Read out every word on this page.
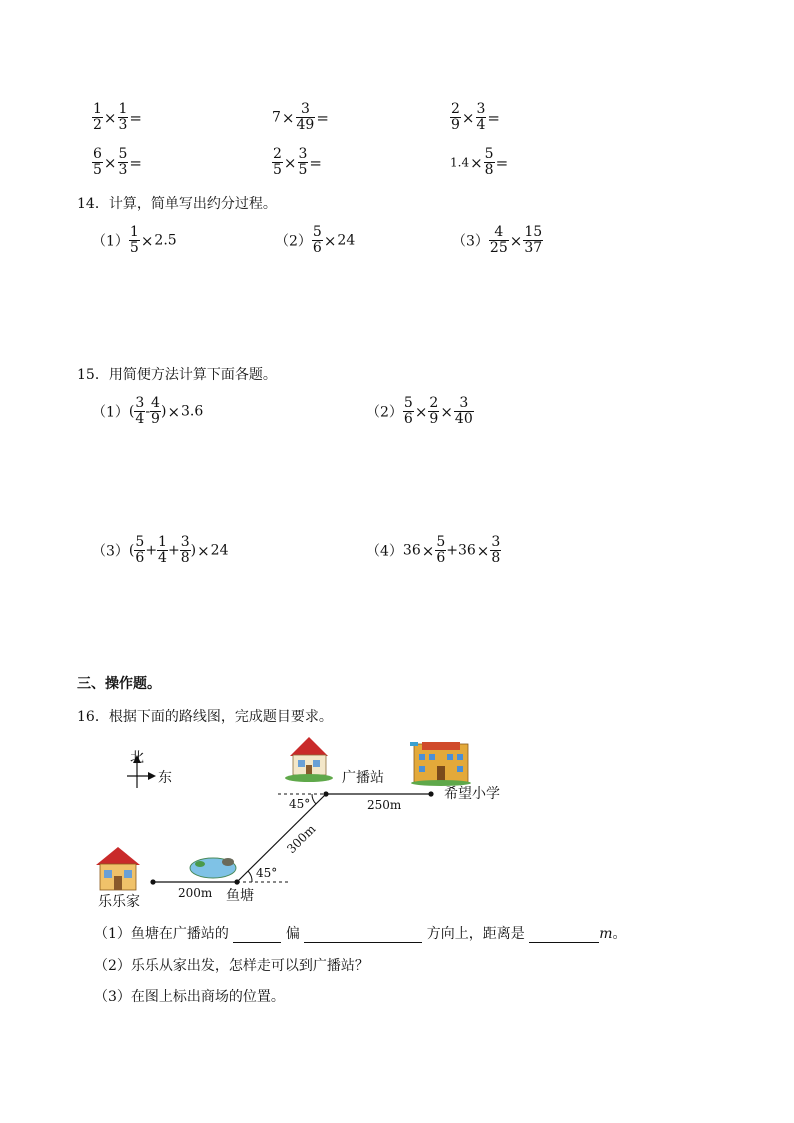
$\frac{1}{2} \times \frac{1}{3}$ =	$7\times \frac{3}{49}$ =	$\frac{2}{9} \times \frac{3}{4}$ =
$\frac{6}{5} \times \frac{5}{3}$ =	$\frac{2}{5} \times \frac{3}{5}$ =	$1.4\times \frac{5}{8}$ =
14．计算，简单写出约分过程。
$(1) \frac{1}{5} \times 2.5$	$(2) \frac{5}{6} \times 24$	$(3) \frac{4}{25} \times \frac{15}{37}$
15．用简便方法计算下面各题。
$(1)( \frac{3}{4} - \frac{4}{9} )\times 3.6$	$(2) \frac{5}{6} \times \frac{2}{9} \times \frac{3}{40}$
$(3)( \frac{5}{6} + \frac{1}{4} + \frac{3}{8} )\times 24$	$(4)36\times \frac{5}{6} +36\times \frac{3}{8}$
三、操作题。
16．根据下面的路线图，完成题目要求。
北
东	广播站
45°
45°
250m
300m
200m
希望小学
乐乐家	鱼塘
（1）鱼塘在广播站的	偏	方向上，距离是	m。
（2）乐乐从家出发，怎样走可以到广播站？
（3）在图上标出商场的位置。
